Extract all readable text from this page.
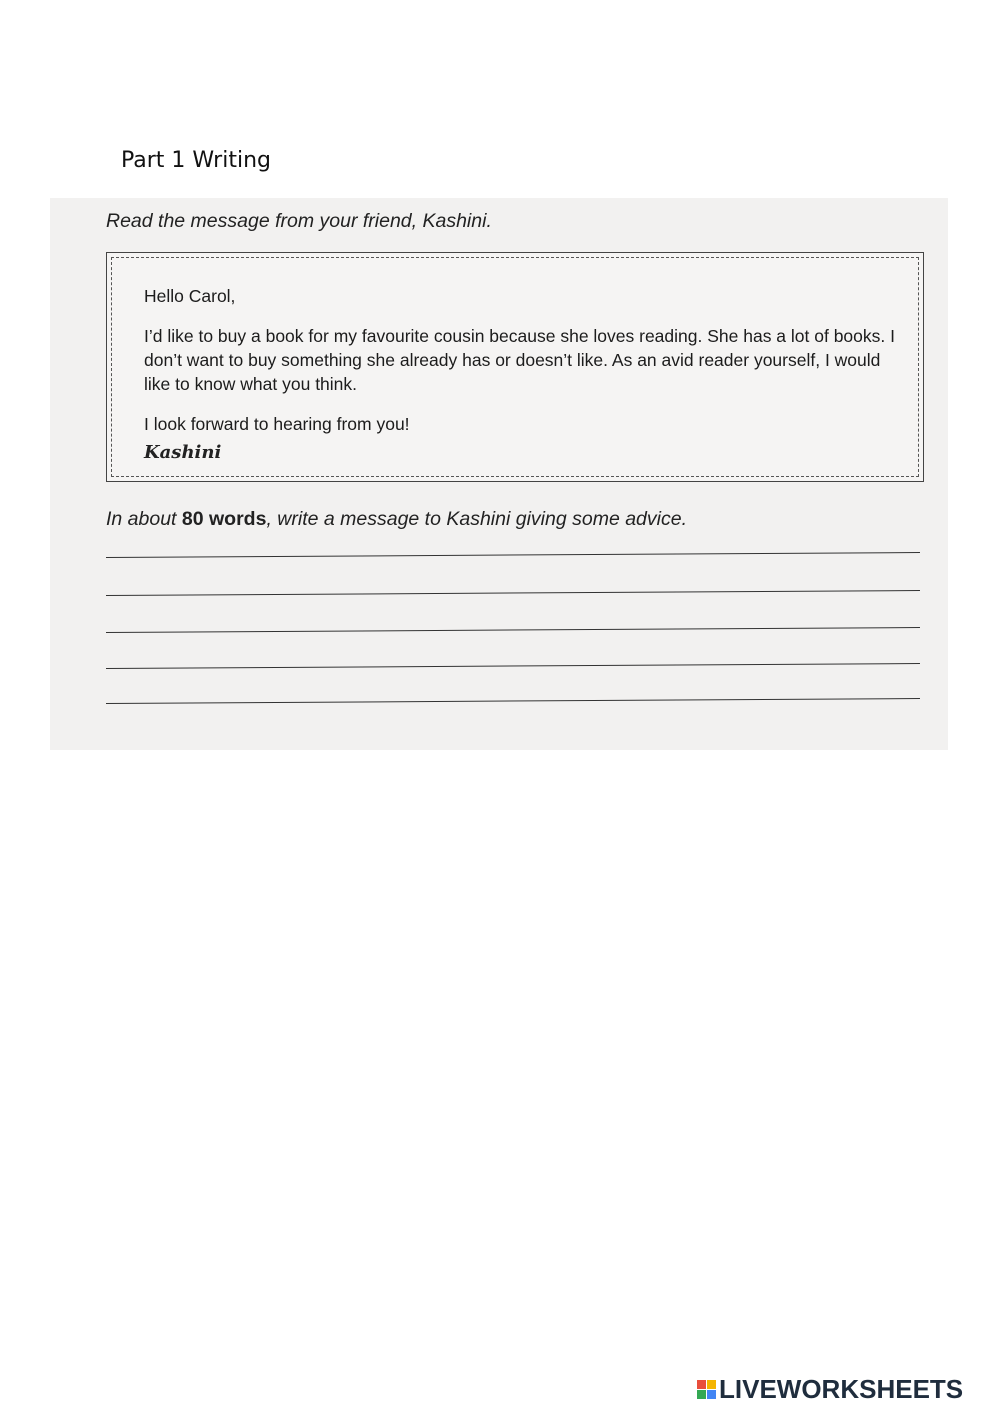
Part 1 Writing
Read the message from your friend, Kashini.
Hello Carol,
I’d like to buy a book for my favourite cousin because she loves reading. She has a lot of books. I don’t want to buy something she already has or doesn’t like. As an avid reader yourself, I would like to know what you think.
I look forward to hearing from you!
Kashini
In about 80 words, write a message to Kashini giving some advice.
LIVEWORKSHEETS
